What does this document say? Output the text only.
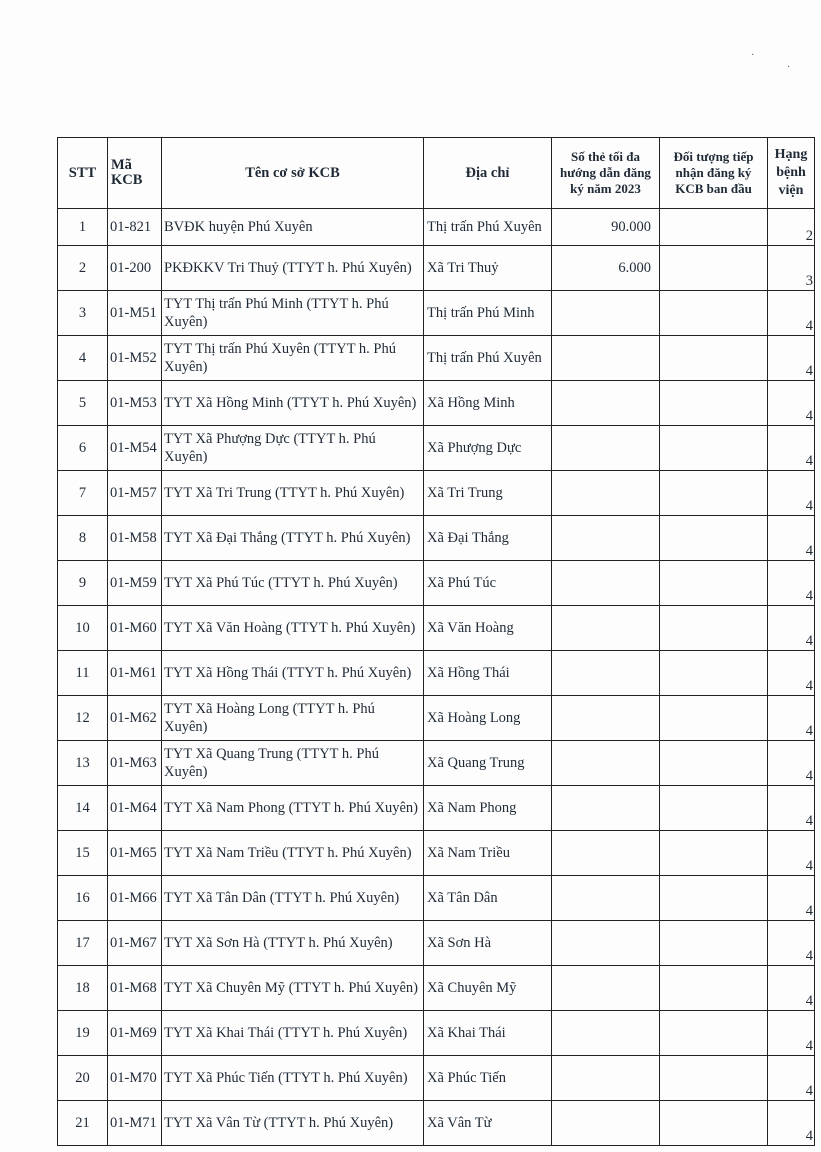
·
·
STT	Mã KCB	Tên cơ sở KCB	Địa chỉ	Số thẻ tối đa hướng dẫn đăng ký năm 2023	Đối tượng tiếp nhận đăng ký KCB ban đầu	Hạng bệnh viện
1	01-821	BVĐK huyện Phú Xuyên	Thị trấn Phú Xuyên	90.000		2
2	01-200	PKĐKKV Tri Thuỷ (TTYT h. Phú Xuyên)	Xã Tri Thuỷ	6.000		3
3	01-M51	TYT Thị trấn Phú Minh (TTYT h. Phú Xuyên)	Thị trấn Phú Minh			4
4	01-M52	TYT Thị trấn Phú Xuyên (TTYT h. Phú Xuyên)	Thị trấn Phú Xuyên			4
5	01-M53	TYT Xã Hồng Minh (TTYT h. Phú Xuyên)	Xã Hồng Minh			4
6	01-M54	TYT Xã Phượng Dực (TTYT h. Phú Xuyên)	Xã Phượng Dực			4
7	01-M57	TYT Xã Tri Trung (TTYT h. Phú Xuyên)	Xã Tri Trung			4
8	01-M58	TYT Xã Đại Thắng (TTYT h. Phú Xuyên)	Xã Đại Thắng			4
9	01-M59	TYT Xã Phú Túc (TTYT h. Phú Xuyên)	Xã Phú Túc			4
10	01-M60	TYT Xã Văn Hoàng (TTYT h. Phú Xuyên)	Xã Văn Hoàng			4
11	01-M61	TYT Xã Hồng Thái (TTYT h. Phú Xuyên)	Xã Hồng Thái			4
12	01-M62	TYT Xã Hoàng Long (TTYT h. Phú Xuyên)	Xã Hoàng Long			4
13	01-M63	TYT Xã Quang Trung (TTYT h. Phú Xuyên)	Xã Quang Trung			4
14	01-M64	TYT Xã Nam Phong (TTYT h. Phú Xuyên)	Xã Nam Phong			4
15	01-M65	TYT Xã Nam Triều (TTYT h. Phú Xuyên)	Xã Nam Triều			4
16	01-M66	TYT Xã Tân Dân (TTYT h. Phú Xuyên)	Xã Tân Dân			4
17	01-M67	TYT Xã Sơn Hà (TTYT h. Phú Xuyên)	Xã Sơn Hà			4
18	01-M68	TYT Xã Chuyên Mỹ (TTYT h. Phú Xuyên)	Xã Chuyên Mỹ			4
19	01-M69	TYT Xã Khai Thái (TTYT h. Phú Xuyên)	Xã Khai Thái			4
20	01-M70	TYT Xã Phúc Tiến (TTYT h. Phú Xuyên)	Xã Phúc Tiến			4
21	01-M71	TYT Xã Vân Từ (TTYT h. Phú Xuyên)	Xã Vân Từ			4
